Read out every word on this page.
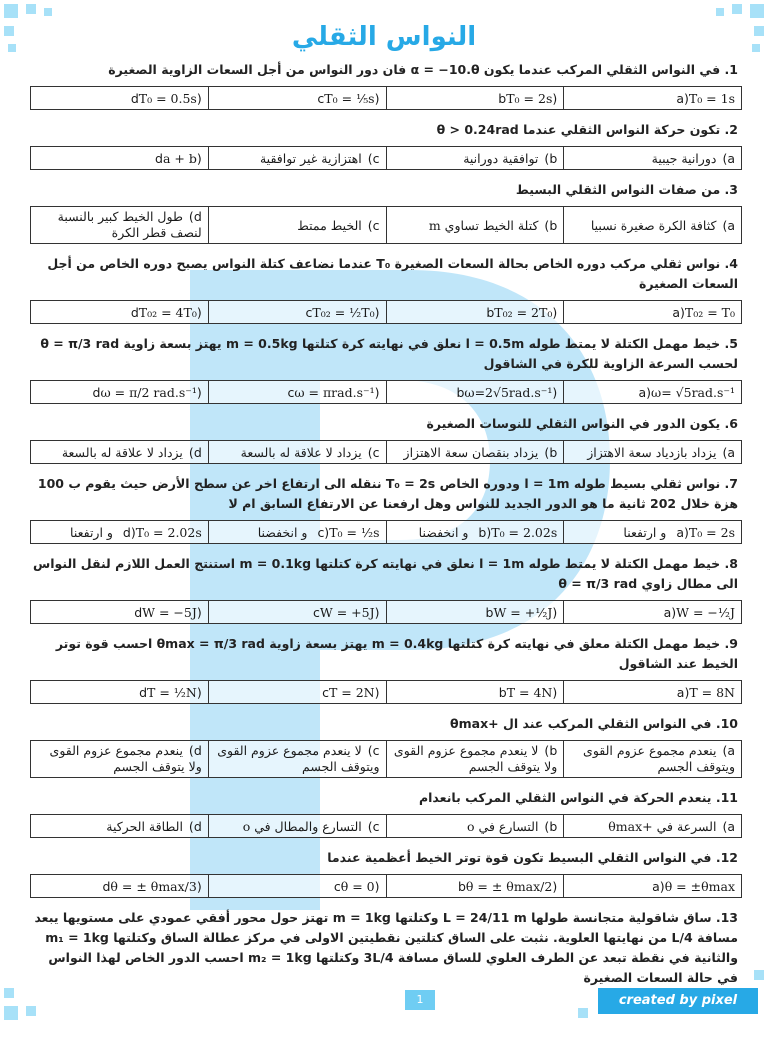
النواس الثقلي

1. في النواس الثقلي المركب عندما يكون α = −10.θ فان دور النواس من أجل السعات الزاوية الصغيرة

a)T₀ = 1s	(bT₀ = 2s	(cT₀ = ⅕s	(dT₀ = 0.5s

2. تكون حركة النواس الثقلي عندما θ > 0.24rad

a)دورانية جيبية	b)توافقية دورانية	c)اهتزازية غير توافقية	(da + b

3. من صفات النواس الثقلي البسيط

a)كثافة الكرة صغيرة نسبيا	b)كتلة الخيط تساوي m	c)الخيط ممتط	d)طول الخيط كبير بالنسبة لنصف قطر الكرة

4. نواس ثقلي مركب دوره الخاص بحالة السعات الصغيرة T₀ عندما نضاعف كتلة النواس يصبح دوره الخاص من أجل السعات الصغيرة

a)T₀₂ = T₀	(bT₀₂ = 2T₀	(cT₀₂ = ½T₀	(dT₀₂ = 4T₀

5. خيط مهمل الكتلة لا يمتط طوله l = 0.5m نعلق في نهايته كرة كتلتها m = 0.5kg يهتز بسعة زاوية θ = π/3 rad لحسب السرعة الزاوية للكرة في الشاقول

a)ω= √5rad.s⁻¹	(bω=2√5rad.s⁻¹	(cω = πrad.s⁻¹	(dω = π/2 rad.s⁻¹

6. يكون الدور في النواس الثقلي للنوسات الصغيرة

a)يزداد بازدياد سعة الاهتزاز	b)يزداد بنقصان سعة الاهتزاز	c)يزداد لا علاقة له بالسعة	d)يزداد لا علاقة له بالسعة

7. نواس ثقلي بسيط طوله l = 1m ودوره الخاص T₀ = 2s ننقله الى ارتفاع اخر عن سطح الأرض حيث يقوم ب 100 هزة خلال 202 ثانية ما هو الدور الجديد للنواس وهل ارفعنا عن الارتفاع السابق ام لا

a)T₀ = 2s و ارتفعنا	b)T₀ = 2.02s و انخفضنا	c)T₀ = ½s و انخفضنا	d)T₀ = 2.02s و ارتفعنا

8. خيط مهمل الكتلة لا يمتط طوله l = 1m نعلق في نهايته كرة كتلتها m = 0.1kg استنتج العمل اللازم لنقل النواس الى مطال زاوي θ = π/3 rad

a)W = −½J	(bW = +½J	(cW = +5J	(dW = −5J

9. خيط مهمل الكتلة معلق في نهايته كرة كتلتها m = 0.4kg يهتز بسعة زاوية θmax = π/3 rad احسب قوة توتر الخيط عند الشاقول

a)T = 8N	(bT = 4N	(cT = 2N	(dT = ½N

10. في النواس الثقلي المركب عند ال +θmax

a)ينعدم مجموع عزوم القوى ويتوقف الجسم	b)لا ينعدم مجموع عزوم القوى ولا يتوقف الجسم	c)لا ينعدم مجموع عزوم القوى ويتوقف الجسم	d)ينعدم مجموع عزوم القوى ولا يتوقف الجسم

11. ينعدم الحركة في النواس الثقلي المركب بانعدام

a)السرعة في +θmax	b)التسارع في o	c)التسارع والمطال في o	d)الطاقة الحركية

12. في النواس الثقلي البسيط تكون قوة توتر الخيط أعظمية عندما

a)θ = ±θmax	(bθ = ± θmax/2	(cθ = 0	(dθ = ± θmax/3

13. ساق شاقولية متجانسة طولها L = 24/11 m وكتلتها m = 1kg تهتز حول محور أفقي عمودي على مستويها يبعد مسافة L/4 من نهايتها العلوية. نثبت على الساق كتلتين نقطيتين الاولى في مركز عطالة الساق وكتلتها m₁ = 1kg والثانية في نقطة تبعد عن الطرف العلوي للساق مسافة 3L/4 وكتلتها m₂ = 1kg احسب الدور الخاص لهذا النواس في حالة السعات الصغيرة

1	created by pixel Team
